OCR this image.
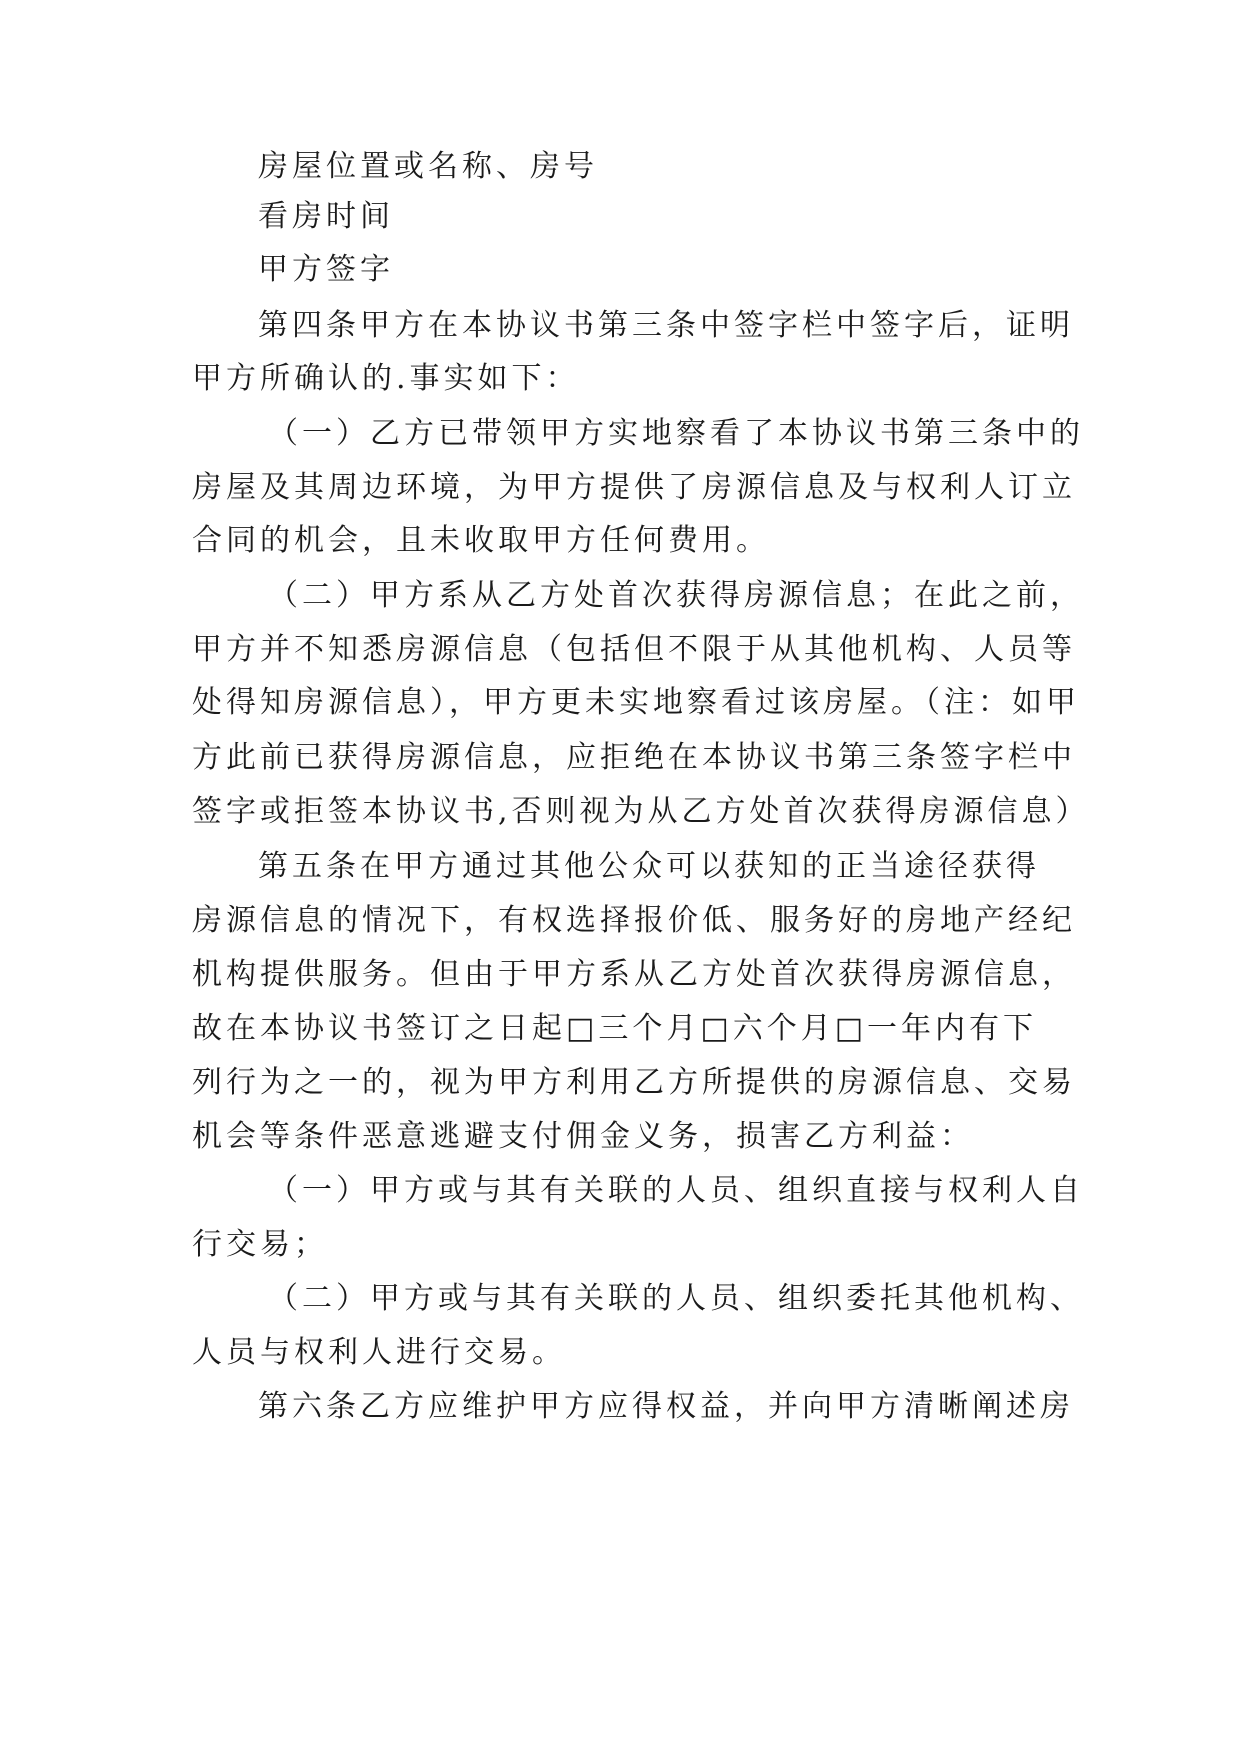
房屋位置或名称、房号
看房时间
甲方签字
第四条甲方在本协议书第三条中签字栏中签字后，证明
甲方所确认的.事实如下：
（一）乙方已带领甲方实地察看了本协议书第三条中的
房屋及其周边环境，为甲方提供了房源信息及与权利人订立
合同的机会，且未收取甲方任何费用。
（二）甲方系从乙方处首次获得房源信息；在此之前，
甲方并不知悉房源信息（包括但不限于从其他机构、人员等
处得知房源信息），甲方更未实地察看过该房屋。（注：如甲
方此前已获得房源信息，应拒绝在本协议书第三条签字栏中
签字或拒签本协议书,否则视为从乙方处首次获得房源信息）
第五条在甲方通过其他公众可以获知的正当途径获得
房源信息的情况下，有权选择报价低、服务好的房地产经纪
机构提供服务。但由于甲方系从乙方处首次获得房源信息，
故在本协议书签订之日起□三个月□六个月□一年内有下
列行为之一的，视为甲方利用乙方所提供的房源信息、交易
机会等条件恶意逃避支付佣金义务，损害乙方利益：
（一）甲方或与其有关联的人员、组织直接与权利人自
行交易；
（二）甲方或与其有关联的人员、组织委托其他机构、
人员与权利人进行交易。
第六条乙方应维护甲方应得权益，并向甲方清晰阐述房
